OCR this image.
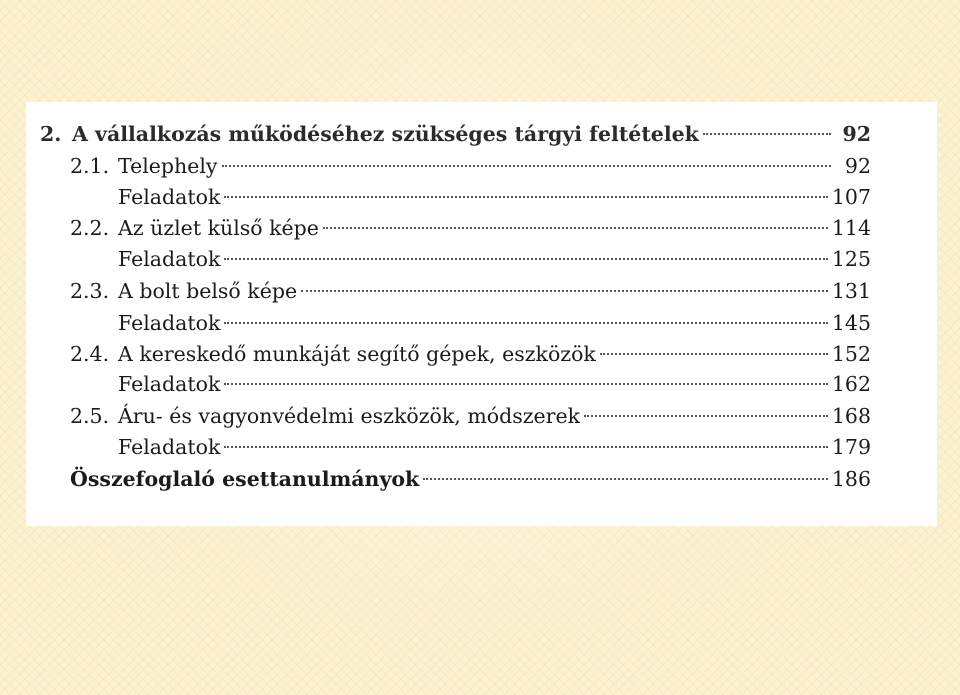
2. A vállalkozás működéséhez szükséges tárgyi feltételek	92
2.1. Telephely	92
Feladatok	107
2.2. Az üzlet külső képe	114
Feladatok	125
2.3. A bolt belső képe	131
Feladatok	145
2.4. A kereskedő munkáját segítő gépek, eszközök	152
Feladatok	162
2.5. Áru- és vagyonvédelmi eszközök, módszerek	168
Feladatok	179
Összefoglaló esettanulmányok	186
